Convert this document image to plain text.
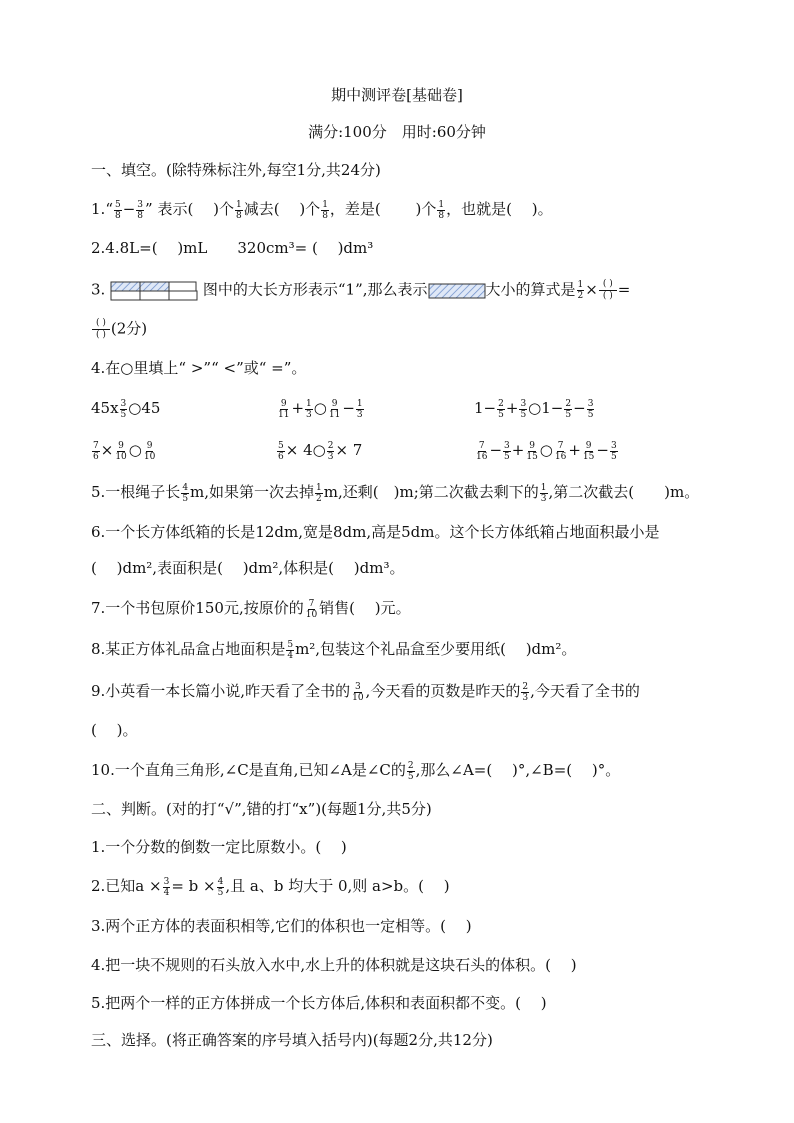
期中测评卷[基础卷]
满分:100分　用时:60分钟
一、填空。(除特殊标注外,每空1分,共24分)
1.“ $\frac{5}{8} - \frac{3}{8}$ ” 表示(　 )个 $\frac{1}{8}$ 减去(　 )个 $\frac{1}{8}$ ，差是(　　 )个 $\frac{1}{8}$ ，也就是(　 )。
2.4.8L=(　 )mL　　320cm³= ( 　)dm³
3.	图中的大长方形表示“1”,那么表示	大小的算式是 $\frac{1}{2}$ × ( )
( ) =
( )
( ) (2分)
4.在○里填上“ >”“ <”或“ =”。
$45x \frac{3}{5}$ ○45	$\frac{9}{11} + \frac{1}{3}$ ○ $\frac{9}{11} - \frac{1}{3}$	$1- \frac{2}{5} + \frac{3}{5}$ ○1− $\frac{2}{5} - \frac{3}{5}$
$\frac{7}{6} \times \frac{9}{10}$ ○ $\frac{9}{10}$	$\frac{5}{6}$ × 4○ $\frac{2}{3} \times 7$	$\frac{7}{16} - \frac{3}{5} + \frac{9}{15}$ ○ $\frac{7}{16} + \frac{9}{15} - \frac{3}{5}$
5.一根绳子长 $\frac{4}{5} m$,如果第一次去掉 $\frac{1}{2} m$,还剩(　)m;第二次截去剩下的 $\frac{1}{3}$ ,第二次截去(　　)m。
6.一个长方体纸箱的长是12dm,宽是8dm,高是5dm。这个长方体纸箱占地面积最小是
(　 )dm²,表面积是(　 )dm²,体积是(　 )dm³。
7.一个书包原价150元,按原价的 $\frac{7}{10}$ 销售(　 )元。
8.某正方体礼品盒占地面积是 $\frac{5}{4} m^2$,包装这个礼品盒至少要用纸(　 )dm²。
9.小英看一本长篇小说,昨天看了全书的 $\frac{3}{10}$ ,今天看的页数是昨天的 $\frac{2}{3}$ ,今天看了全书的
(　 )。
10.一个直角三角形,∠C是直角,已知∠A是∠C的 $\frac{2}{5}$ ,那么∠A=(　 )°,∠B=(　 )°。
二、判断。(对的打“√”,错的打“x”)(每题1分,共5分)
1.一个分数的倒数一定比原数小。(　 )
2.已知$a \times \frac{3}{4} = b \times \frac{4}{5}$ ,且 a、b 均大于 0,则 a>b。(　 )
3.两个正方体的表面积相等,它们的体积也一定相等。(　 )
4.把一块不规则的石头放入水中,水上升的体积就是这块石头的体积。(　 )
5.把两个一样的正方体拼成一个长方体后,体积和表面积都不变。(　 )
三、选择。(将正确答案的序号填入括号内)(每题2分,共12分)
